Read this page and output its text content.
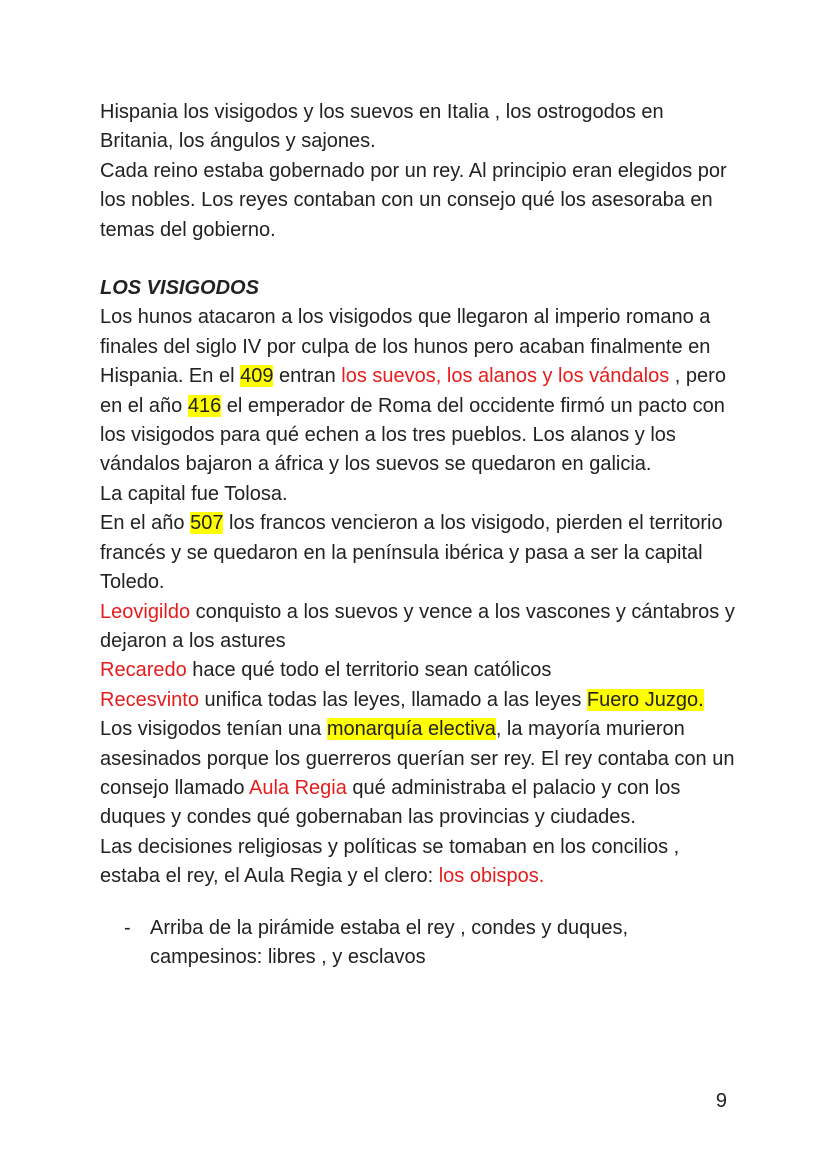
Hispania los visigodos y los suevos en Italia , los ostrogodos en
Britania, los ángulos y sajones.

Cada reino estaba gobernado por un rey. Al principio eran elegidos por los nobles. Los reyes contaban con un consejo qué los asesoraba en temas del gobierno.

LOS VISIGODOS

Los hunos atacaron a los visigodos que llegaron al imperio romano a finales del siglo IV por culpa de los hunos pero acaban finalmente en Hispania. En el 409 entran los suevos, los alanos y los vándalos , pero en el año 416 el emperador de Roma del occidente firmó un pacto con los visigodos para qué echen a los tres pueblos. Los alanos y los vándalos bajaron a áfrica y los suevos se quedaron en galicia.

La capital fue Tolosa.

En el año 507 los francos vencieron a los visigodo, pierden el territorio francés y se quedaron en la península ibérica y pasa a ser la capital Toledo.

Leovigildo conquisto a los suevos y vence a los vascones y cántabros y dejaron a los astures

Recaredo hace qué todo el territorio sean católicos

Recesvinto unifica todas las leyes, llamado a las leyes Fuero Juzgo.

Los visigodos tenían una monarquía electiva, la mayoría murieron asesinados porque los guerreros querían ser rey. El rey contaba con un consejo llamado Aula Regia qué administraba el palacio y con los duques y condes qué gobernaban las provincias y ciudades.

Las decisiones religiosas y políticas se tomaban en los concilios , estaba el rey, el Aula Regia y el clero: los obispos.

- Arriba de la pirámide estaba el rey , condes y duques, campesinos: libres , y esclavos

9
